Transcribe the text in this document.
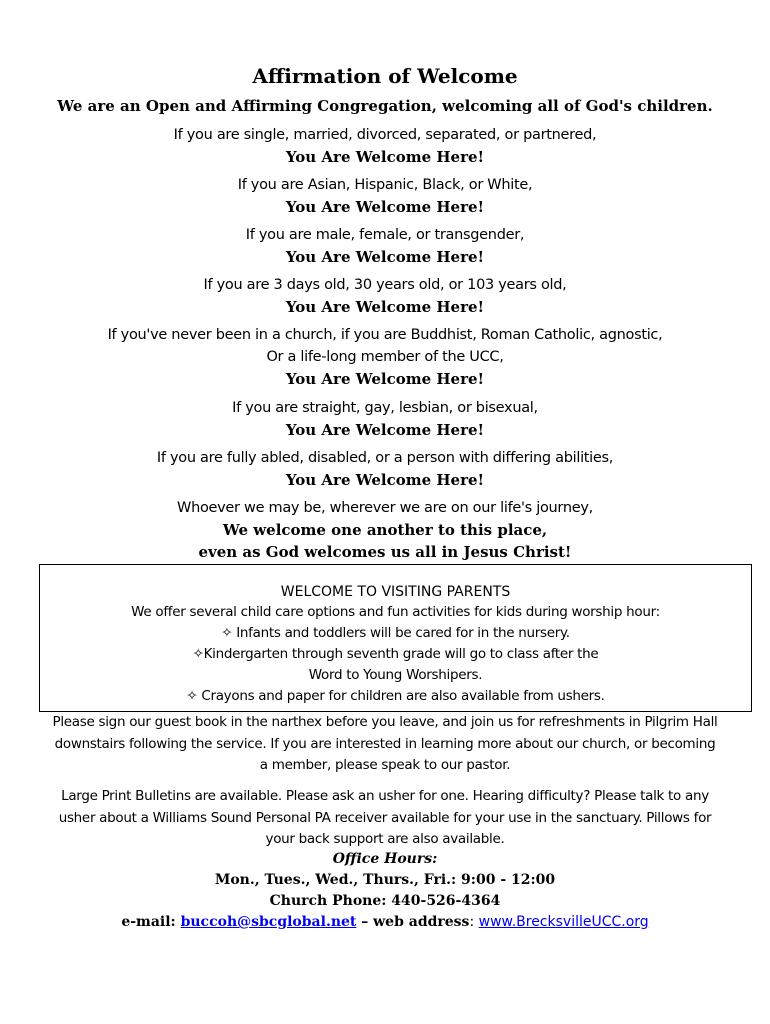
Affirmation of Welcome
We are an Open and Affirming Congregation, welcoming all of God's children.
If you are single, married, divorced, separated, or partnered,
You Are Welcome Here!
If you are Asian, Hispanic, Black, or White,
You Are Welcome Here!
If you are male, female, or transgender,
You Are Welcome Here!
If you are 3 days old, 30 years old, or 103 years old,
You Are Welcome Here!
If you've never been in a church, if you are Buddhist, Roman Catholic, agnostic,
Or a life-long member of the UCC,
You Are Welcome Here!
If you are straight, gay, lesbian, or bisexual,
You Are Welcome Here!
If you are fully abled, disabled, or a person with differing abilities,
You Are Welcome Here!
Whoever we may be, wherever we are on our life's journey,
We welcome one another to this place,
even as God welcomes us all in Jesus Christ!
WELCOME TO VISITING PARENTS
We offer several child care options and fun activities for kids during worship hour:
✧ Infants and toddlers will be cared for in the nursery.
✧Kindergarten through seventh grade will go to class after the
Word to Young Worshipers.
✧ Crayons and paper for children are also available from ushers.
Please sign our guest book in the narthex before you leave, and join us for refreshments in Pilgrim Hall
downstairs following the service. If you are interested in learning more about our church, or becoming
a member, please speak to our pastor.
Large Print Bulletins are available. Please ask an usher for one. Hearing difficulty? Please talk to any
usher about a Williams Sound Personal PA receiver available for your use in the sanctuary. Pillows for
your back support are also available.
Office Hours:
Mon., Tues., Wed., Thurs., Fri.: 9:00 - 12:00
Church Phone: 440-526-4364
e-mail: buccoh@sbcglobal.net – web address: www.BrecksvilleUCC.org
